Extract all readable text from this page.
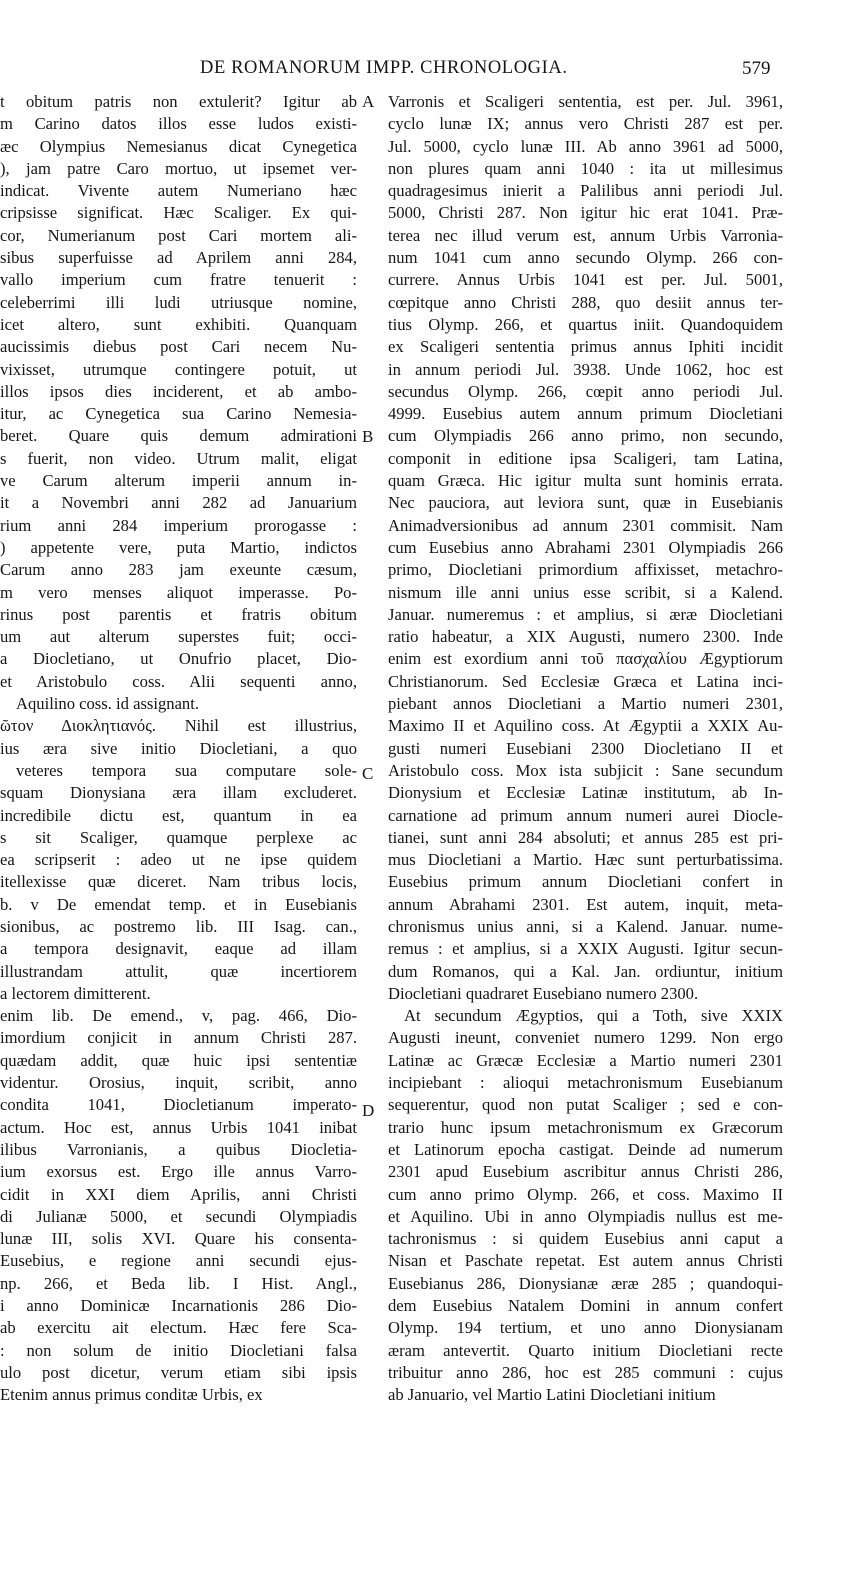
DE ROMANORUM IMPP. CHRONOLOGIA.	579
t obitum patris non extulerit? Igitur ab
m Carino datos illos esse ludos existi-
æc Olympius Nemesianus dicat Cynegetica
), jam patre Caro mortuo, ut ipsemet ver-
indicat. Vivente autem Numeriano hæc
cripsisse significat. Hæc Scaliger. Ex qui-
cor, Numerianum post Cari mortem ali-
sibus superfuisse ad Aprilem anni 284,
vallo imperium cum fratre tenuerit :
celeberrimi illi ludi utriusque nomine,
icet altero, sunt exhibiti. Quanquam
aucissimis diebus post Cari necem Nu-
vixisset, utrumque contingere potuit, ut
illos ipsos dies inciderent, et ab ambo-
itur, ac Cynegetica sua Carino Nemesia-
beret. Quare quis demum admirationi
s fuerit, non video. Utrum malit, eligat
ve Carum alterum imperii annum in-
it a Novembri anni 282 ad Januarium
rium anni 284 imperium prorogasse :
) appetente vere, puta Martio, indictos
Carum anno 283 jam exeunte cæsum,
m vero menses aliquot imperasse. Po-
rinus post parentis et fratris obitum
um aut alterum superstes fuit; occi-
a Diocletiano, ut Onufrio placet, Dio-
et Aristobulo coss. Alii sequenti anno,
Aquilino coss. id assignant.
ῶτον Διοκλητιανός. Nihil est illustrius,
ius æra sive initio Diocletiani, a quo
veteres tempora sua computare sole-
squam Dionysiana æra illam excluderet.
incredibile dictu est, quantum in ea
s sit Scaliger, quamque perplexe ac
ea scripserit : adeo ut ne ipse quidem
itellexisse quæ diceret. Nam tribus locis,
b. v De emendat temp. et in Eusebianis
sionibus, ac postremo lib. III Isag. can.,
a tempora designavit, eaque ad illam
illustrandam attulit, quæ incertiorem
a lectorem dimitterent.
enim lib. De emend., v, pag. 466, Dio-
imordium conjicit in annum Christi 287.
quædam addit, quæ huic ipsi sententiæ
videntur. Orosius, inquit, scribit, anno
condita 1041, Diocletianum imperato-
actum. Hoc est, annus Urbis 1041 inibat
ilibus Varronianis, a quibus Diocletia-
ium exorsus est. Ergo ille annus Varro-
cidit in XXI diem Aprilis, anni Christi
di Julianæ 5000, et secundi Olympiadis
lunæ III, solis XVI. Quare his consenta-
Eusebius, e regione anni secundi ejus-
np. 266, et Beda lib. I Hist. Angl.,
i anno Dominicæ Incarnationis 286 Dio-
ab exercitu ait electum. Hæc fere Sca-
: non solum de initio Diocletiani falsa
ulo post dicetur, verum etiam sibi ipsis
Etenim annus primus conditæ Urbis, ex
Varronis et Scaligeri sententia, est per. Jul. 3961,
cyclo lunæ IX; annus vero Christi 287 est per.
Jul. 5000, cyclo lunæ III. Ab anno 3961 ad 5000,
non plures quam anni 1040 : ita ut millesimus
quadragesimus inierit a Palilibus anni periodi Jul.
5000, Christi 287. Non igitur hic erat 1041. Præ-
terea nec illud verum est, annum Urbis Varronia-
num 1041 cum anno secundo Olymp. 266 con-
currere. Annus Urbis 1041 est per. Jul. 5001,
cœpitque anno Christi 288, quo desiit annus ter-
tius Olymp. 266, et quartus iniit. Quandoquidem
ex Scaligeri sententia primus annus Iphiti incidit
in annum periodi Jul. 3938. Unde 1062, hoc est
secundus Olymp. 266, cœpit anno periodi Jul.
4999. Eusebius autem annum primum Diocletiani
cum Olympiadis 266 anno primo, non secundo,
componit in editione ipsa Scaligeri, tam Latina,
quam Græca. Hic igitur multa sunt hominis errata.
Nec pauciora, aut leviora sunt, quæ in Eusebianis
Animadversionibus ad annum 2301 commisit. Nam
cum Eusebius anno Abrahami 2301 Olympiadis 266
primo, Diocletiani primordium affixisset, metachro-
nismum ille anni unius esse scribit, si a Kalend.
Januar. numeremus : et amplius, si æræ Diocletiani
ratio habeatur, a XIX Augusti, numero 2300. Inde
enim est exordium anni τοῦ πασχαλίου Ægyptiorum
Christianorum. Sed Ecclesiæ Græca et Latina inci-
piebant annos Diocletiani a Martio numeri 2301,
Maximo II et Aquilino coss. At Ægyptii a XXIX Au-
gusti numeri Eusebiani 2300 Diocletiano II et
Aristobulo coss. Mox ista subjicit : Sane secundum
Dionysium et Ecclesiæ Latinæ institutum, ab In-
carnatione ad primum annum numeri aurei Diocle-
tianei, sunt anni 284 absoluti; et annus 285 est pri-
mus Diocletiani a Martio. Hæc sunt perturbatissima.
Eusebius primum annum Diocletiani confert in
annum Abrahami 2301. Est autem, inquit, meta-
chronismus unius anni, si a Kalend. Januar. nume-
remus : et amplius, si a XXIX Augusti. Igitur secun-
dum Romanos, qui a Kal. Jan. ordiuntur, initium
Diocletiani quadraret Eusebiano numero 2300.
At secundum Ægyptios, qui a Toth, sive XXIX
Augusti ineunt, conveniet numero 1299. Non ergo
Latinæ ac Græcæ Ecclesiæ a Martio numeri 2301
incipiebant : alioqui metachronismum Eusebianum
sequerentur, quod non putat Scaliger ; sed e con-
trario hunc ipsum metachronismum ex Græcorum
et Latinorum epocha castigat. Deinde ad numerum
2301 apud Eusebium ascribitur annus Christi 286,
cum anno primo Olymp. 266, et coss. Maximo II
et Aquilino. Ubi in anno Olympiadis nullus est me-
tachronismus : si quidem Eusebius anni caput a
Nisan et Paschate repetat. Est autem annus Christi
Eusebianus 286, Dionysianæ æræ 285 ; quandoqui-
dem Eusebius Natalem Domini in annum confert
Olymp. 194 tertium, et uno anno Dionysianam
æram antevertit. Quarto initium Diocletiani recte
tribuitur anno 286, hoc est 285 communi : cujus
ab Januario, vel Martio Latini Diocletiani initium
A
B
C
D
